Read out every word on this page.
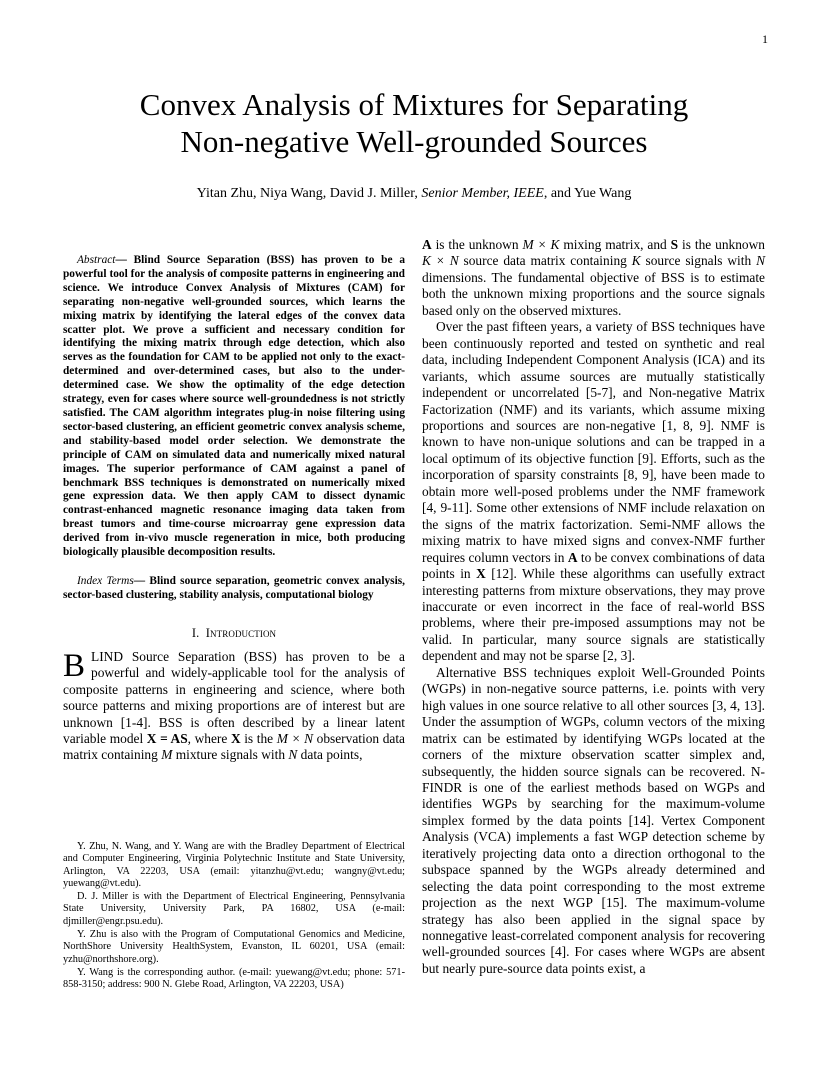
1
Convex Analysis of Mixtures for Separating
Non-negative Well-grounded Sources
Yitan Zhu, Niya Wang, David J. Miller, Senior Member, IEEE, and Yue Wang

Abstract— Blind Source Separation (BSS) has proven to be a powerful tool for the analysis of composite patterns in engineering and science. We introduce Convex Analysis of Mixtures (CAM) for separating non-negative well-grounded sources, which learns the mixing matrix by identifying the lateral edges of the convex data scatter plot. We prove a sufficient and necessary condition for identifying the mixing matrix through edge detection, which also serves as the foundation for CAM to be applied not only to the exact-determined and over-determined cases, but also to the under-determined case. We show the optimality of the edge detection strategy, even for cases where source well-groundedness is not strictly satisfied. The CAM algorithm integrates plug-in noise filtering using sector-based clustering, an efficient geometric convex analysis scheme, and stability-based model order selection. We demonstrate the principle of CAM on simulated data and numerically mixed natural images. The superior performance of CAM against a panel of benchmark BSS techniques is demonstrated on numerically mixed gene expression data. We then apply CAM to dissect dynamic contrast-enhanced magnetic resonance imaging data taken from breast tumors and time-course microarray gene expression data derived from in-vivo muscle regeneration in mice, both producing biologically plausible decomposition results.

Index Terms— Blind source separation, geometric convex analysis, sector-based clustering, stability analysis, computational biology
I. Introduction
BLIND Source Separation (BSS) has proven to be a powerful and widely-applicable tool for the analysis of composite patterns in engineering and science, where both source patterns and mixing proportions are of interest but are unknown [1-4]. BSS is often described by a linear latent variable model X = AS, where X is the M × N observation data matrix containing M mixture signals with N data points,

Y. Zhu, N. Wang, and Y. Wang are with the Bradley Department of Electrical and Computer Engineering, Virginia Polytechnic Institute and State University, Arlington, VA 22203, USA (email: yitanzhu@vt.edu; wangny@vt.edu; yuewang@vt.edu).

D. J. Miller is with the Department of Electrical Engineering, Pennsylvania State University, University Park, PA 16802, USA (e-mail: djmiller@engr.psu.edu).

Y. Zhu is also with the Program of Computational Genomics and Medicine, NorthShore University HealthSystem, Evanston, IL 60201, USA (email: yzhu@northshore.org).

Y. Wang is the corresponding author. (e-mail: yuewang@vt.edu; phone: 571-858-3150; address: 900 N. Glebe Road, Arlington, VA 22203, USA)

A is the unknown M × K mixing matrix, and S is the unknown K × N source data matrix containing K source signals with N dimensions. The fundamental objective of BSS is to estimate both the unknown mixing proportions and the source signals based only on the observed mixtures.

Over the past fifteen years, a variety of BSS techniques have been continuously reported and tested on synthetic and real data, including Independent Component Analysis (ICA) and its variants, which assume sources are mutually statistically independent or uncorrelated [5-7], and Non-negative Matrix Factorization (NMF) and its variants, which assume mixing proportions and sources are non-negative [1, 8, 9]. NMF is known to have non-unique solutions and can be trapped in a local optimum of its objective function [9]. Efforts, such as the incorporation of sparsity constraints [8, 9], have been made to obtain more well-posed problems under the NMF framework [4, 9-11]. Some other extensions of NMF include relaxation on the signs of the matrix factorization. Semi-NMF allows the mixing matrix to have mixed signs and convex-NMF further requires column vectors in A to be convex combinations of data points in X [12]. While these algorithms can usefully extract interesting patterns from mixture observations, they may prove inaccurate or even incorrect in the face of real-world BSS problems, where their pre-imposed assumptions may not be valid. In particular, many source signals are statistically dependent and may not be sparse [2, 3].

Alternative BSS techniques exploit Well-Grounded Points (WGPs) in non-negative source patterns, i.e. points with very high values in one source relative to all other sources [3, 4, 13]. Under the assumption of WGPs, column vectors of the mixing matrix can be estimated by identifying WGPs located at the corners of the mixture observation scatter simplex and, subsequently, the hidden source signals can be recovered. N-FINDR is one of the earliest methods based on WGPs and identifies WGPs by searching for the maximum-volume simplex formed by the data points [14]. Vertex Component Analysis (VCA) implements a fast WGP detection scheme by iteratively projecting data onto a direction orthogonal to the subspace spanned by the WGPs already determined and selecting the data point corresponding to the most extreme projection as the next WGP [15]. The maximum-volume strategy has also been applied in the signal space by nonnegative least-correlated component analysis for recovering well-grounded sources [4]. For cases where WGPs are absent but nearly pure-source data points exist, a
